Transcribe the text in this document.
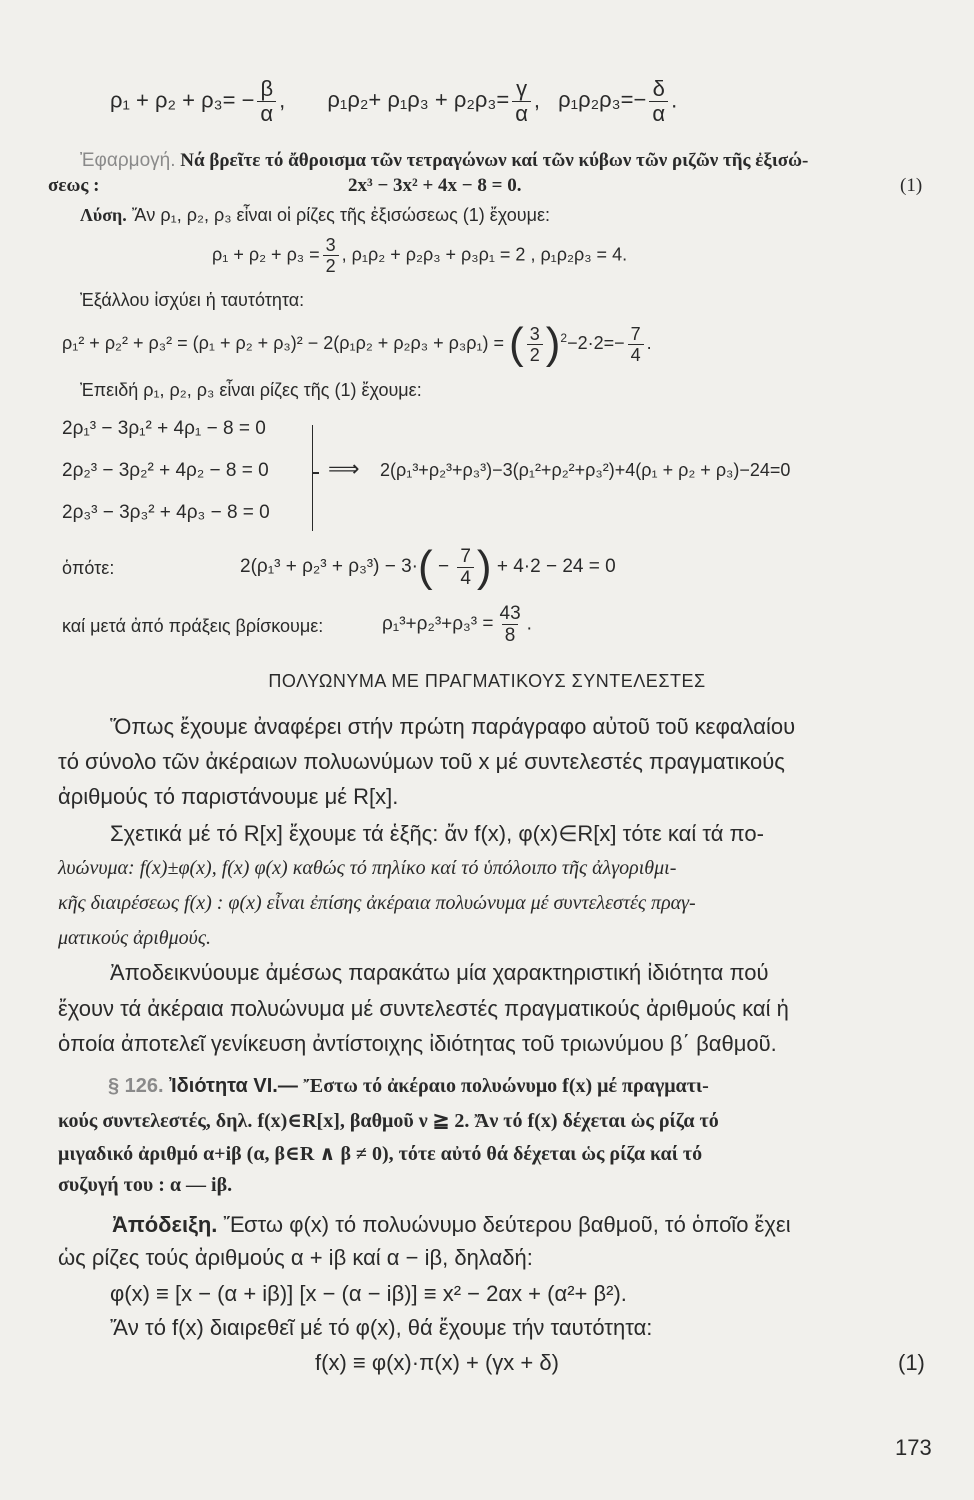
$\rho_1 + \rho_2 + \rho_3= - \frac{\beta}{\alpha}$ , $\rho_1\rho_2+ \rho_1\rho_3 + \rho_2\rho_3= \frac{\gamma}{\alpha}$ , $\rho_1\rho_2\rho_3=- \frac{\delta}{\alpha}$ .
Ἐφαρμογή. Νά βρεῖτε τό ἄθροισμα τῶν τετραγώνων καί τῶν κύβων τῶν ριζῶν τῆς ἐξισώ-
σεως :	2x³ − 3x² + 4x − 8 = 0.	(1)
Λύση. Ἄν ρ₁, ρ₂, ρ₃ εἶναι οἱ ρίζες τῆς ἐξισώσεως (1) ἔχουμε:
$\rho_1 + \rho_2 + \rho_3 = \frac{3}{2}$ , ρ₁ρ₂ + ρ₂ρ₃ + ρ₃ρ₁ = 2 , ρ₁ρ₂ρ₃ = 4.
Ἐξάλλου ἰσχύει ἡ ταυτότητα:
ρ₁² + ρ₂² + ρ₃² = (ρ₁ + ρ₂ + ρ₃)² − 2(ρ₁ρ₂ + ρ₂ρ₃ + ρ₃ρ₁) = ( $\frac{3}{2} )^2-2\cdot 2=- \frac{7}{4}$ .
Ἐπειδή ρ₁, ρ₂, ρ₃ εἶναι ρίζες τῆς (1) ἔχουμε:
2ρ₁³ − 3ρ₁² + 4ρ₁ − 8 = 0
2ρ₂³ − 3ρ₂² + 4ρ₂ − 8 = 0
2ρ₃³ − 3ρ₃² + 4ρ₃ − 8 = 0
⟹ 2(ρ₁³+ρ₂³+ρ₃³)−3(ρ₁²+ρ₂²+ρ₃²)+4(ρ₁ + ρ₂ + ρ₃)−24=0
ὁπότε:	$2(\rho_1^3 + \rho_2^3 + \rho_3^3) - 3\cdot( - \frac{7}{4}$ ) + 4·2 − 24 = 0
καί μετά ἀπό πράξεις βρίσκουμε:	$\rho_1^3+\rho_2^3+\rho_3^3 = \frac{43}{8}$ .
ΠΟΛΥΩΝΥΜΑ ΜΕ ΠΡΑΓΜΑΤΙΚΟΥΣ ΣΥΝΤΕΛΕΣΤΕΣ
Ὅπως ἔχουμε ἀναφέρει στήν πρώτη παράγραφο αὐτοῦ τοῦ κεφαλαίου
τό σύνολο τῶν ἀκέραιων πολυωνύμων τοῦ x μέ συντελεστές πραγματικούς
ἀριθμούς τό παριστάνουμε μέ R[x].
Σχετικά μέ τό R[x] ἔχουμε τά ἑξῆς: ἄν f(x), φ(x)∈R[x] τότε καί τά πο-
λυώνυμα: f(x)±φ(x), f(x) φ(x) καθώς τό πηλίκο καί τό ὑπόλοιπο τῆς ἀλγοριθμι-
κῆς διαιρέσεως f(x) : φ(x) εἶναι ἐπίσης ἀκέραια πολυώνυμα μέ συντελεστές πραγ-
ματικούς ἀριθμούς.
Ἀποδεικνύουμε ἀμέσως παρακάτω μία χαρακτηριστική ἰδιότητα πού
ἔχουν τά ἀκέραια πολυώνυμα μέ συντελεστές πραγματικούς ἀριθμούς καί ἡ
ὁποία ἀποτελεῖ γενίκευση ἀντίστοιχης ἰδιότητας τοῦ τριωνύμου β΄ βαθμοῦ.
§ 126. Ἰδιότητα VI.— Ἔστω τό ἀκέραιο πολυώνυμο f(x) μέ πραγματι-
κούς συντελεστές, δηλ. f(x)∈R[x], βαθμοῦ ν ≧ 2. Ἄν τό f(x) δέχεται ὡς ρίζα τό
μιγαδικό ἀριθμό α+iβ (α, β∈R ∧ β ≠ 0), τότε αὐτό θά δέχεται ὡς ρίζα καί τό
συζυγή του : α — iβ.
Ἀπόδειξη. Ἔστω φ(x) τό πολυώνυμο δεύτερου βαθμοῦ, τό ὁποῖο ἔχει
ὡς ρίζες τούς ἀριθμούς α + iβ καί α − iβ, δηλαδή:
φ(x) ≡ [x − (α + iβ)] [x − (α − iβ)] ≡ x² − 2αx + (α²+ β²).
Ἄν τό f(x) διαιρεθεῖ μέ τό φ(x), θά ἔχουμε τήν ταυτότητα:
f(x) ≡ φ(x)·π(x) + (γx + δ)	(1)
173
